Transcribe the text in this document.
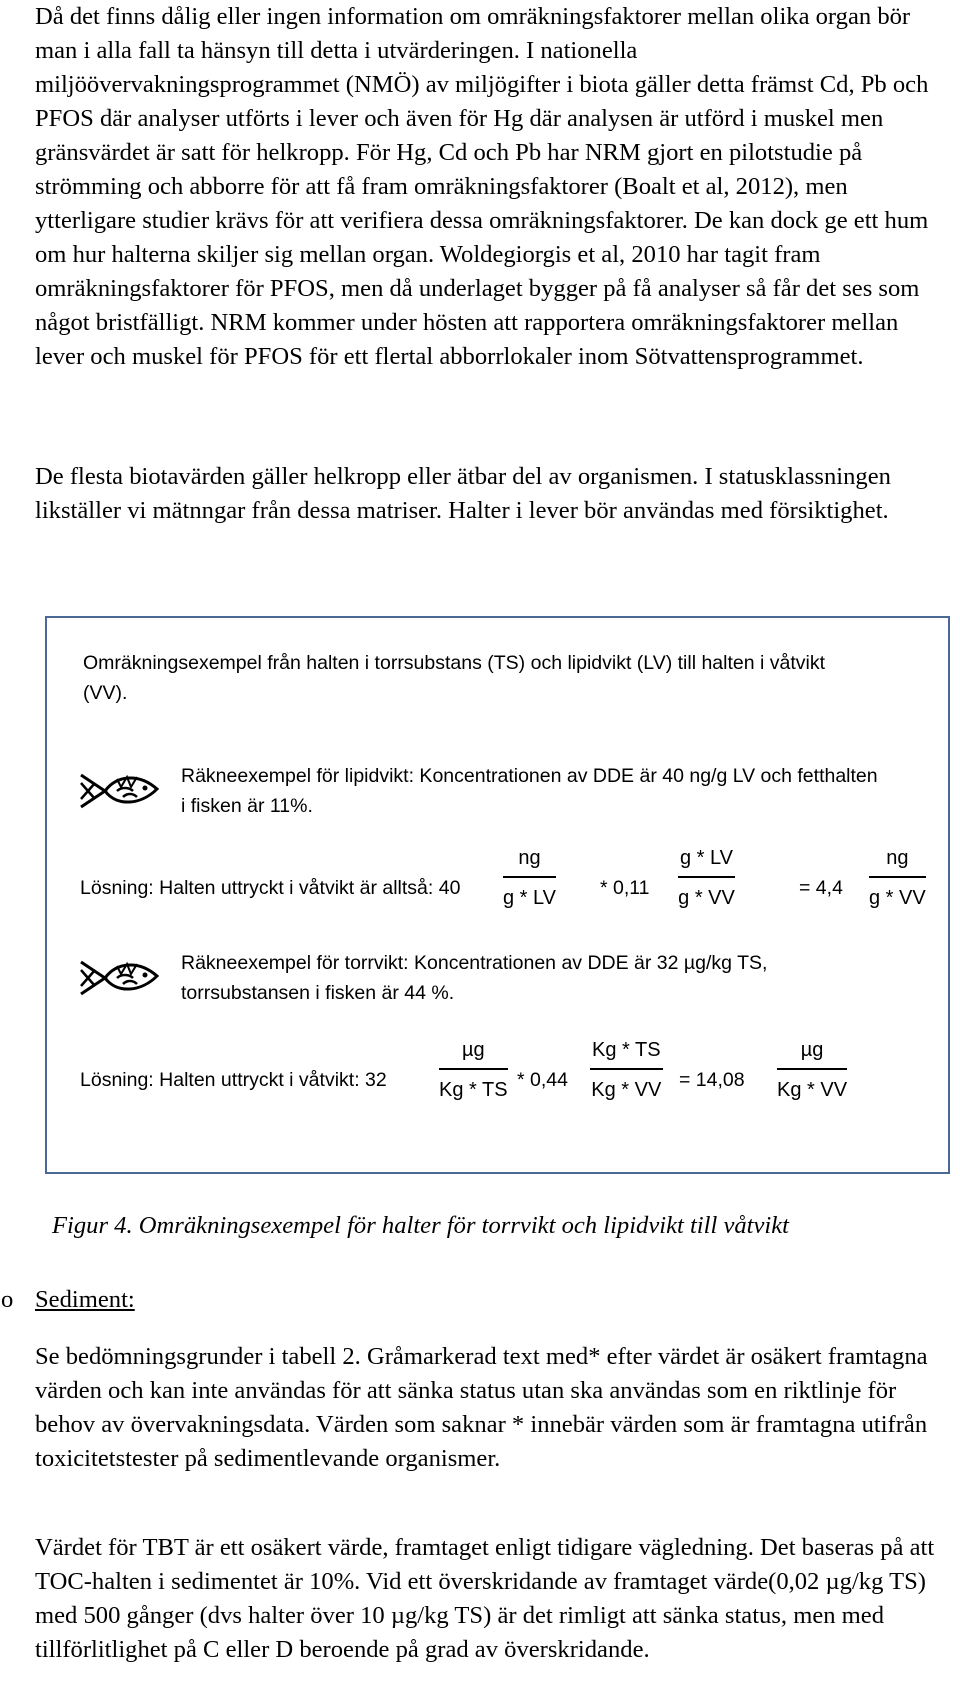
Då det finns dålig eller ingen information om omräkningsfaktorer mellan olika organ bör man i alla fall ta hänsyn till detta i utvärderingen. I nationella miljöövervakningsprogrammet (NMÖ) av miljögifter i biota gäller detta främst Cd, Pb och PFOS där analyser utförts i lever och även för Hg där analysen är utförd i muskel men gränsvärdet är satt för helkropp. För Hg, Cd och Pb har NRM gjort en pilotstudie på strömming och abborre för att få fram omräkningsfaktorer (Boalt et al, 2012), men ytterligare studier krävs för att verifiera dessa omräkningsfaktorer. De kan dock ge ett hum om hur halterna skiljer sig mellan organ. Woldegiorgis et al, 2010 har tagit fram omräkningsfaktorer för PFOS, men då underlaget bygger på få analyser så får det ses som något bristfälligt. NRM kommer under hösten att rapportera omräkningsfaktorer mellan lever och muskel för PFOS för ett flertal abborrlokaler inom Sötvattensprogrammet.

De flesta biotavärden gäller helkropp eller ätbar del av organismen. I statusklassningen likställer vi mätnngar från dessa matriser. Halter i lever bör användas med försiktighet.

Omräkningsexempel från halten i torrsubstans (TS) och lipidvikt (LV) till halten i våtvikt (VV).
Räkneexempel för lipidvikt: Koncentrationen av DDE är 40 ng/g LV och fetthalten i fisken är 11%.
Lösning: Halten uttryckt i våtvikt är alltså: 40
ng
g * LV * 0,11
g * LV
g * VV	= 4,4
ng
g * VV
Räkneexempel för torrvikt: Koncentrationen av DDE är 32 µg/kg TS, torrsubstansen i fisken är 44 %.
Lösning: Halten uttryckt i våtvikt: 32
µg
Kg * TS * 0,44
Kg * TS
Kg * VV = 14,08
µg
Kg * VV
Figur 4. Omräkningsexempel för halter för torrvikt och lipidvikt till våtvikt
o Sediment:

Se bedömningsgrunder i tabell 2. Gråmarkerad text med* efter värdet är osäkert framtagna värden och kan inte användas för att sänka status utan ska användas som en riktlinje för behov av övervakningsdata. Värden som saknar * innebär värden som är framtagna utifrån toxicitetstester på sedimentlevande organismer.

Värdet för TBT är ett osäkert värde, framtaget enligt tidigare vägledning. Det baseras på att TOC-halten i sedimentet är 10%. Vid ett överskridande av framtaget värde(0,02 µg/kg TS) med 500 gånger (dvs halter över 10 µg/kg TS) är det rimligt att sänka status, men med tillförlitlighet på C eller D beroende på grad av överskridande.
